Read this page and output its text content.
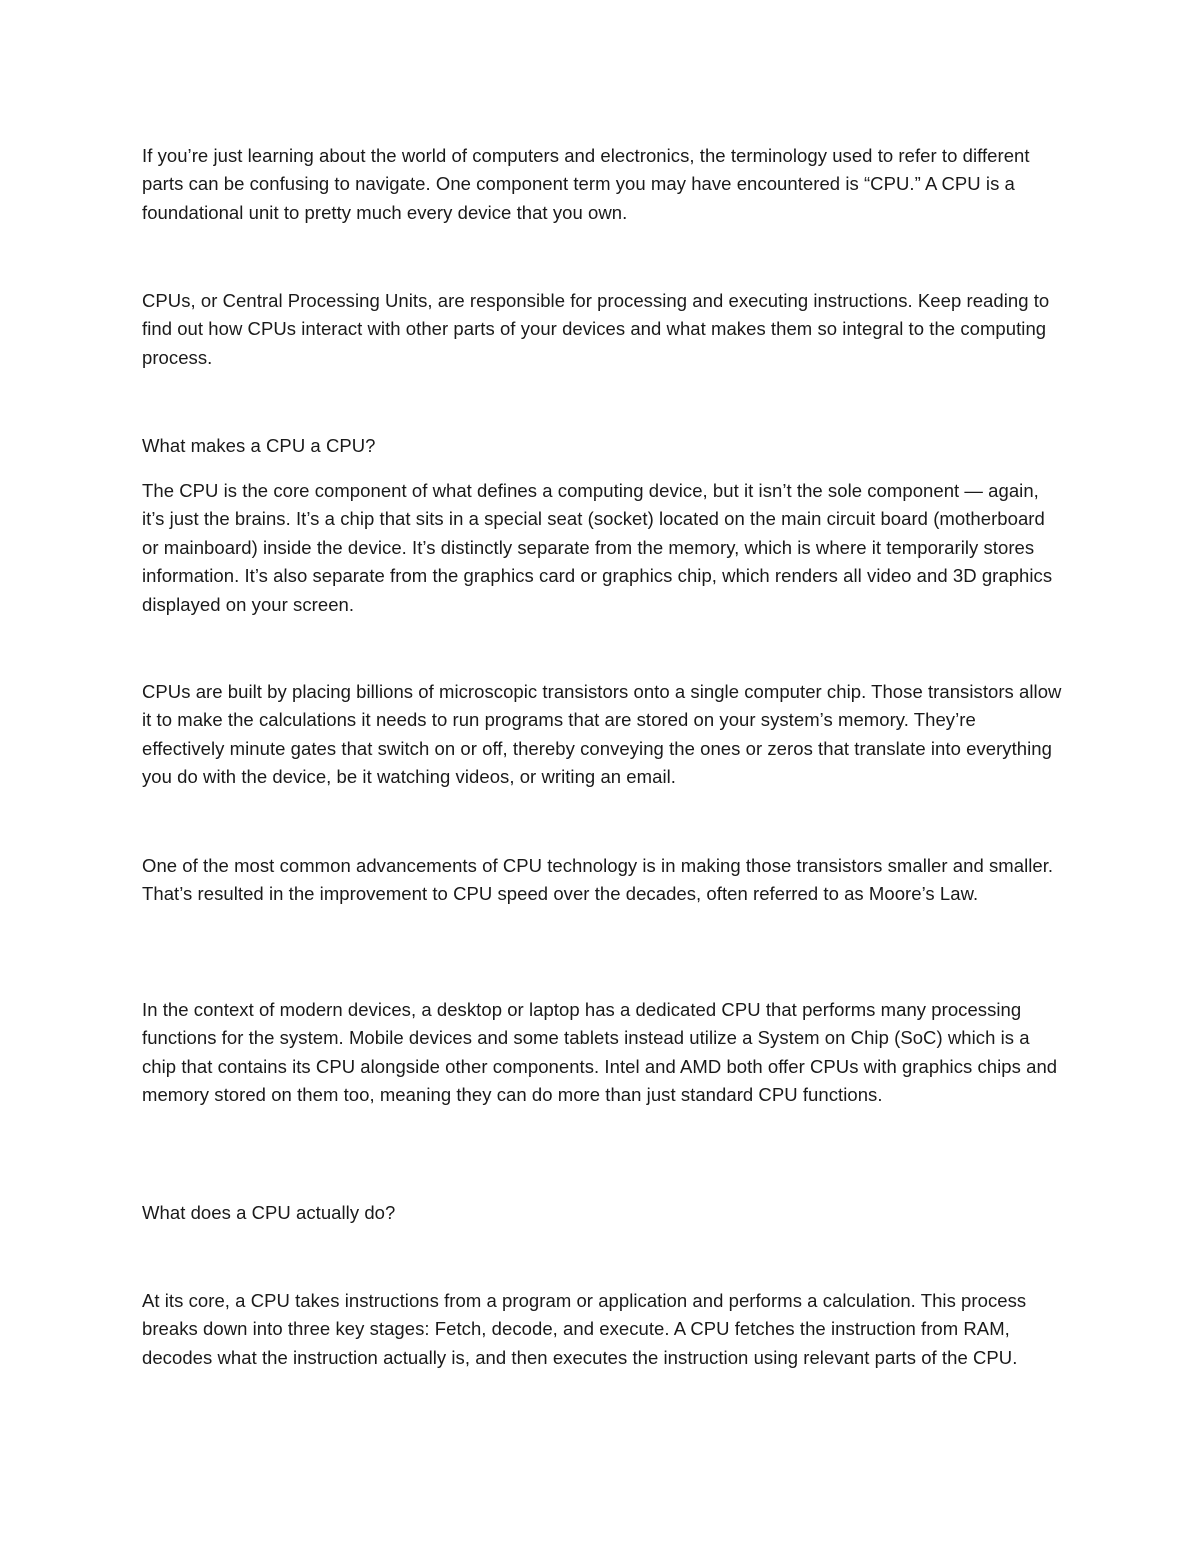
If you’re just learning about the world of computers and electronics, the terminology used to refer to different parts can be confusing to navigate. One component term you may have encountered is “CPU.” A CPU is a foundational unit to pretty much every device that you own.

CPUs, or Central Processing Units, are responsible for processing and executing instructions. Keep reading to find out how CPUs interact with other parts of your devices and what makes them so integral to the computing process.

What makes a CPU a CPU?

The CPU is the core component of what defines a computing device, but it isn’t the sole component — again, it’s just the brains. It’s a chip that sits in a special seat (socket) located on the main circuit board (motherboard or mainboard) inside the device. It’s distinctly separate from the memory, which is where it temporarily stores information. It’s also separate from the graphics card or graphics chip, which renders all video and 3D graphics displayed on your screen.

CPUs are built by placing billions of microscopic transistors onto a single computer chip. Those transistors allow it to make the calculations it needs to run programs that are stored on your system’s memory. They’re effectively minute gates that switch on or off, thereby conveying the ones or zeros that translate into everything you do with the device, be it watching videos, or writing an email.

One of the most common advancements of CPU technology is in making those transistors smaller and smaller. That’s resulted in the improvement to CPU speed over the decades, often referred to as Moore’s Law.

In the context of modern devices, a desktop or laptop has a dedicated CPU that performs many processing functions for the system. Mobile devices and some tablets instead utilize a System on Chip (SoC) which is a chip that contains its CPU alongside other components. Intel and AMD both offer CPUs with graphics chips and memory stored on them too, meaning they can do more than just standard CPU functions.

What does a CPU actually do?

At its core, a CPU takes instructions from a program or application and performs a calculation. This process breaks down into three key stages: Fetch, decode, and execute. A CPU fetches the instruction from RAM, decodes what the instruction actually is, and then executes the instruction using relevant parts of the CPU.
